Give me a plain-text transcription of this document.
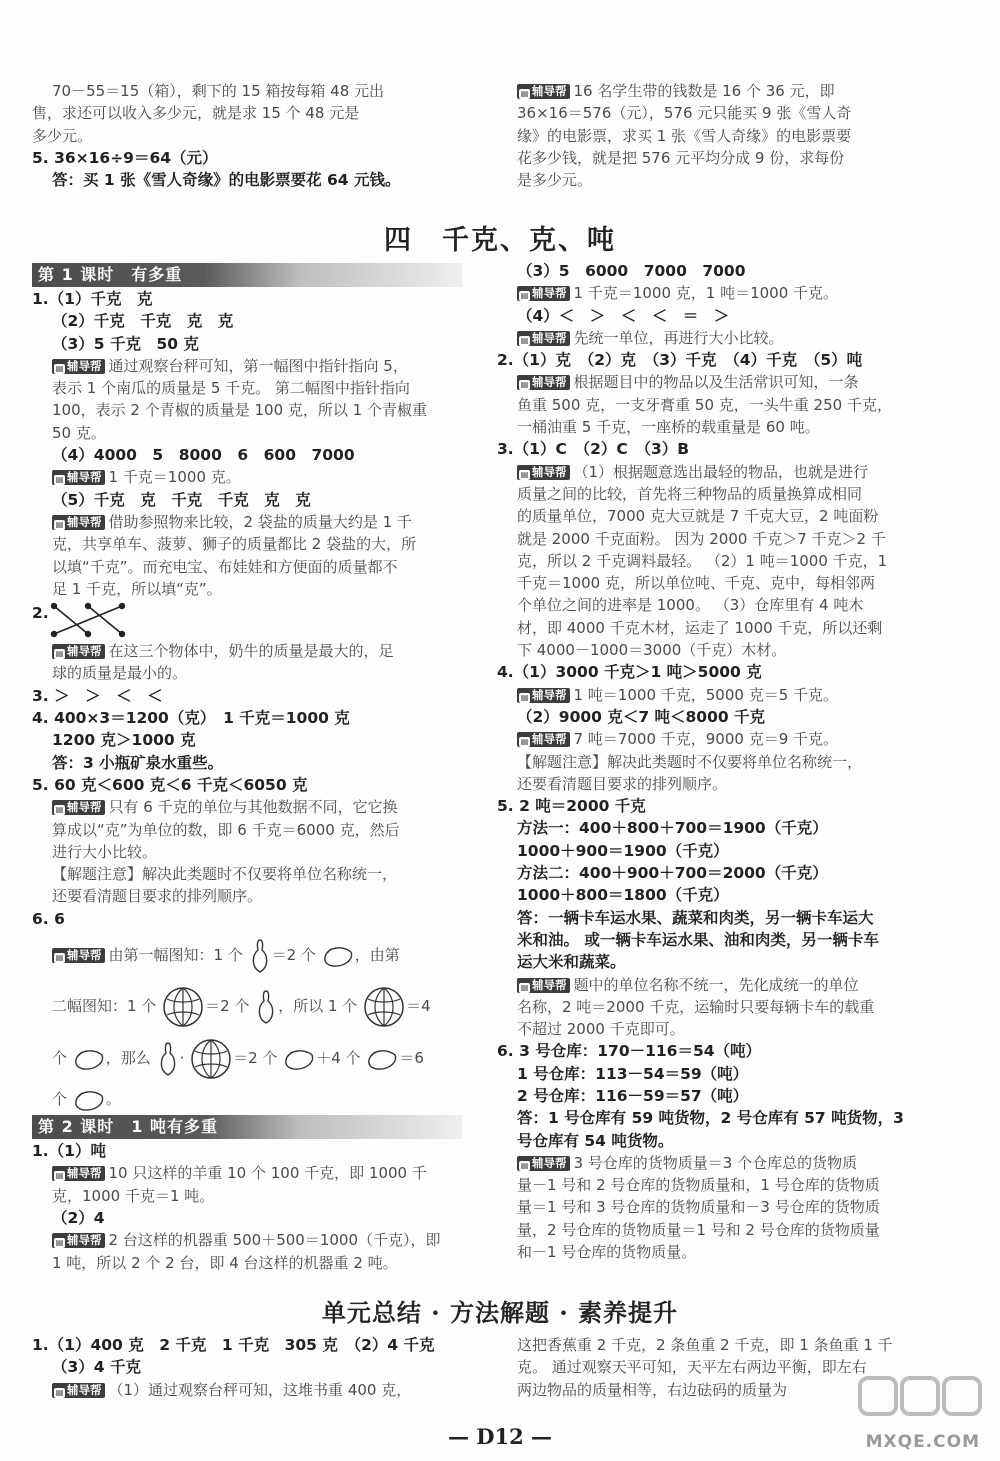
70－55＝15（箱），剩下的 15 箱按每箱 48 元出
售，求还可以收入多少元，就是求 15 个 48 元是
多少元。
5. 36×16÷9＝64（元）
答：买 1 张《雪人奇缘》的电影票要花 64 元钱。
▤ 辅导帮 16 名学生带的钱数是 16 个 36 元，即
36×16＝576（元），576 元只能买 9 张《雪人奇
缘》的电影票，求买 1 张《雪人奇缘》的电影票要
花多少钱，就是把 576 元平均分成 9 份，求每份
是多少元。
四　千克、克、吨
第 1 课时　有多重
1.（1）千克　克
（2）千克　千克　克　克
（3）5 千克　50 克
▤ 辅导帮 通过观察台秤可知，第一幅图中指针指向 5，
表示 1 个南瓜的质量是 5 千克。 第二幅图中指针指向
100，表示 2 个青椒的质量是 100 克，所以 1 个青椒重
50 克。
（4）4000　5　8000　6　600　7000
▤ 辅导帮 1 千克＝1000 克。
（5）千克　克　千克　千克　克　克
▤ 辅导帮 借助参照物来比较，2 袋盐的质量大约是 1 千
克，共享单车、菠萝、狮子的质量都比 2 袋盐的大，所
以填“千克”。而充电宝、布娃娃和方便面的质量都不
足 1 千克，所以填“克”。
2.
▤ 辅导帮 在这三个物体中，奶牛的质量是最大的，足
球的质量是最小的。
3. ＞　＞　＜　＜
4. 400×3＝1200（克）　1 千克＝1000 克
1200 克＞1000 克
答：3 小瓶矿泉水重些。
5. 60 克＜600 克＜6 千克＜6050 克
▤ 辅导帮 只有 6 千克的单位与其他数据不同，它它换
算成以“克”为单位的数，即 6 千克＝6000 克，然后
进行大小比较。
【解题注意】解决此类题时不仅要将单位名称统一，
还要看清题目要求的排列顺序。
6. 6
▤ 辅导帮 由第一幅图知：1 个 ＝2 个	，由第
二幅图知：1 个	＝2 个 ，所以 1 个	＝4
个	，那么 ·	＝2 个	＋4 个	＝6
个	。
第 2 课时　1 吨有多重
1.（1）吨
▤ 辅导帮 10 只这样的羊重 10 个 100 千克，即 1000 千
克，1000 千克＝1 吨。
（2）4
▤ 辅导帮 2 台这样的机器重 500＋500＝1000（千克），即
1 吨，所以 2 个 2 台，即 4 台这样的机器重 2 吨。
（3）5　6000　7000　7000
▤ 辅导帮 1 千克＝1000 克，1 吨＝1000 千克。
（4）＜　＞　＜　＜　＝　＞
▤ 辅导帮 先统一单位，再进行大小比较。
2.（1）克　（2）克　（3）千克　（4）千克　（5）吨
▤ 辅导帮 根据题目中的物品以及生活常识可知，一条
鱼重 500 克，一支牙膏重 50 克，一头牛重 250 千克，
一桶油重 5 千克，一座桥的载重量是 60 吨。
3.（1）C　（2）C　（3）B
▤ 辅导帮 （1）根据题意选出最轻的物品，也就是进行
质量之间的比较，首先将三种物品的质量换算成相同
的质量单位，7000 克大豆就是 7 千克大豆，2 吨面粉
就是 2000 千克面粉。 因为 2000 千克＞7 千克＞2 千
克，所以 2 千克调料最轻。 （2）1 吨＝1000 千克，1
千克＝1000 克，所以单位吨、千克、克中，每相邻两
个单位之间的进率是 1000。 （3）仓库里有 4 吨木
材，即 4000 千克木材，运走了 1000 千克，所以还剩
下 4000－1000＝3000（千克）木材。
4.（1）3000 千克＞1 吨＞5000 克
▤ 辅导帮 1 吨＝1000 千克，5000 克＝5 千克。
（2）9000 克＜7 吨＜8000 千克
▤ 辅导帮 7 吨＝7000 千克，9000 克＝9 千克。
【解题注意】解决此类题时不仅要将单位名称统一，
还要看清题目要求的排列顺序。
5. 2 吨＝2000 千克
方法一：400＋800＋700＝1900（千克）
1000＋900＝1900（千克）
方法二：400＋900＋700＝2000（千克）
1000＋800＝1800（千克）
答：一辆卡车运水果、蔬菜和肉类，另一辆卡车运大
米和油。 或一辆卡车运水果、油和肉类，另一辆卡车
运大米和蔬菜。
▤ 辅导帮 题中的单位名称不统一，先化成统一的单位
名称，2 吨＝2000 千克，运输时只要每辆卡车的载重
不超过 2000 千克即可。
6. 3 号仓库：170－116＝54（吨）
1 号仓库：113－54＝59（吨）
2 号仓库：116－59＝57（吨）
答：1 号仓库有 59 吨货物，2 号仓库有 57 吨货物，3
号仓库有 54 吨货物。
▤ 辅导帮 3 号仓库的货物质量＝3 个仓库总的货物质
量－1 号和 2 号仓库的货物质量和，1 号仓库的货物质
量＝1 号和 3 号仓库的货物质量和－3 号仓库的货物质
量，2 号仓库的货物质量＝1 号和 2 号仓库的货物质量
和－1 号仓库的货物质量。
单元总结 · 方法解题 · 素养提升
1.（1）400 克　2 千克　1 千克　305 克　（2）4 千克
（3）4 千克
▤ 辅导帮 （1）通过观察台秤可知，这堆书重 400 克，
这把香蕉重 2 千克，2 条鱼重 2 千克，即 1 条鱼重 1 千
克。 通过观察天平可知，天平左右两边平衡，即左右
两边物品的质量相等，右边砝码的质量为
MXQE.COM
— D12 —
